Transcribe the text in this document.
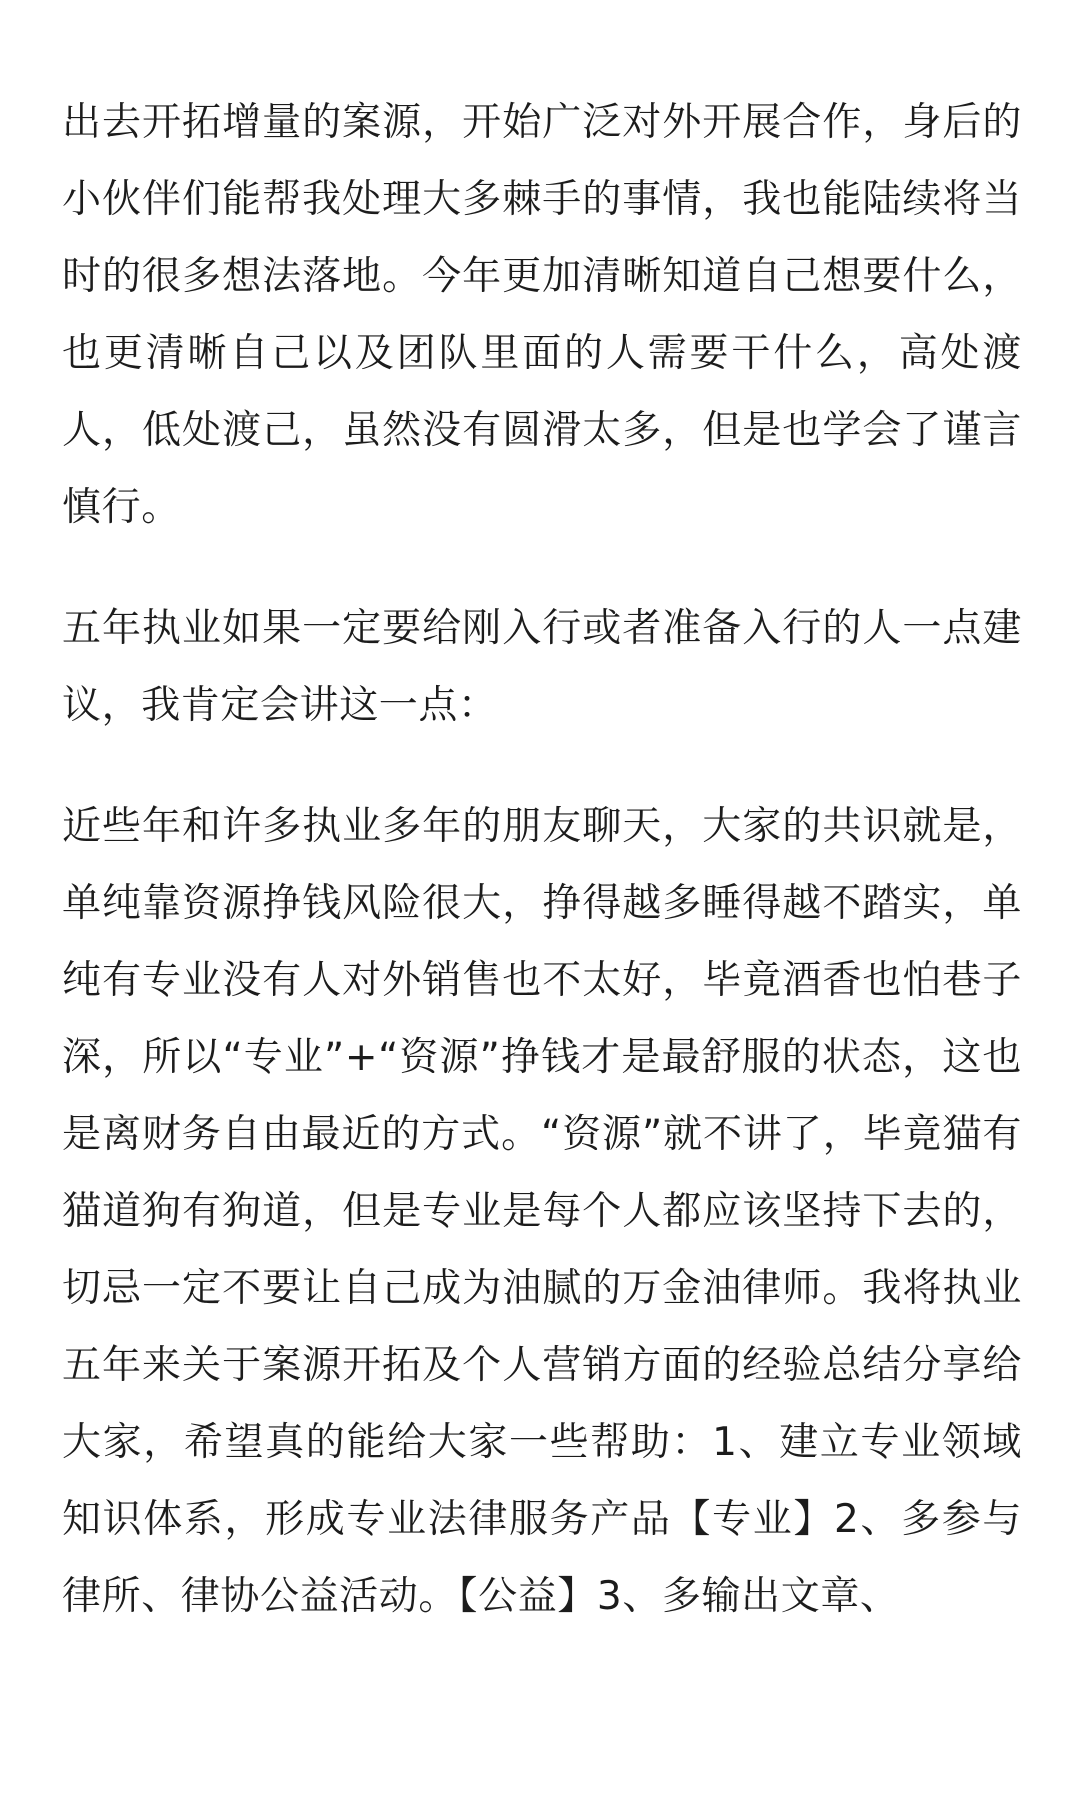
出去开拓增量的案源，开始广泛对外开展合作，身后的小伙伴们能帮我处理大多棘手的事情，我也能陆续将当时的很多想法落地。今年更加清晰知道自己想要什么，也更清晰自己以及团队里面的人需要干什么，高处渡人，低处渡己，虽然没有圆滑太多，但是也学会了谨言慎行。

五年执业如果一定要给刚入行或者准备入行的人一点建议，我肯定会讲这一点：

近些年和许多执业多年的朋友聊天，大家的共识就是，单纯靠资源挣钱风险很大，挣得越多睡得越不踏实，单纯有专业没有人对外销售也不太好，毕竟酒香也怕巷子深，所以“专业”+“资源”挣钱才是最舒服的状态，这也是离财务自由最近的方式。“资源”就不讲了，毕竟猫有猫道狗有狗道，但是专业是每个人都应该坚持下去的，切忌一定不要让自己成为油腻的万金油律师。我将执业五年来关于案源开拓及个人营销方面的经验总结分享给大家，希望真的能给大家一些帮助：1、建立专业领域知识体系，形成专业法律服务产品【专业】2、多参与律所、律协公益活动。【公益】3、多输出文章、
